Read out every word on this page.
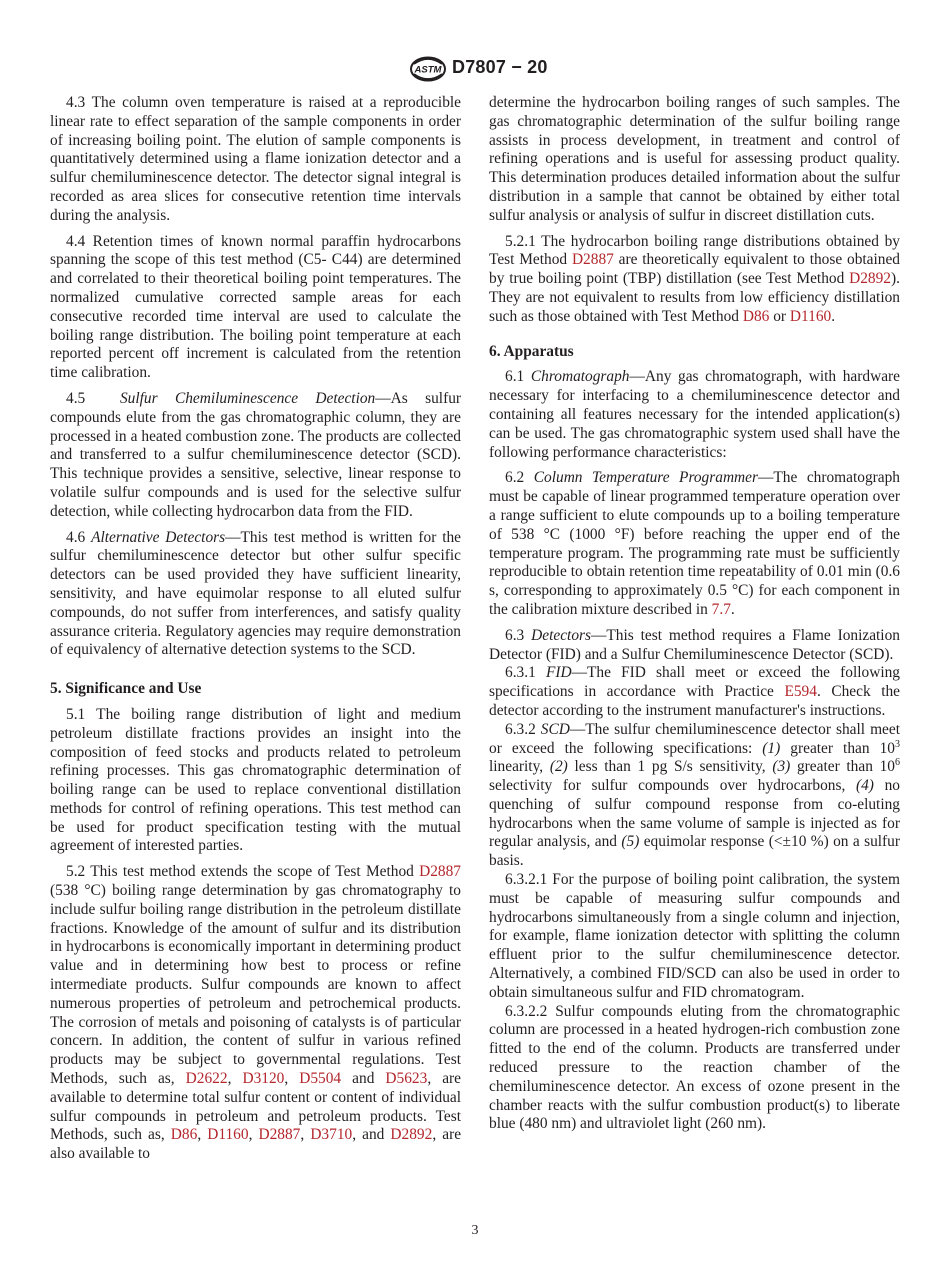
ASTM D7807 − 20

4.3 The column oven temperature is raised at a reproducible linear rate to effect separation of the sample components in order of increasing boiling point. The elution of sample components is quantitatively determined using a flame ionization detector and a sulfur chemiluminescence detector. The detector signal integral is recorded as area slices for consecutive retention time intervals during the analysis.

4.4 Retention times of known normal paraffin hydrocarbons spanning the scope of this test method (C5- C44) are determined and correlated to their theoretical boiling point temperatures. The normalized cumulative corrected sample areas for each consecutive recorded time interval are used to calculate the boiling range distribution. The boiling point temperature at each reported percent off increment is calculated from the retention time calibration.

4.5 Sulfur Chemiluminescence Detection—As sulfur compounds elute from the gas chromatographic column, they are processed in a heated combustion zone. The products are collected and transferred to a sulfur chemiluminescence detector (SCD). This technique provides a sensitive, selective, linear response to volatile sulfur compounds and is used for the selective sulfur detection, while collecting hydrocarbon data from the FID.

4.6 Alternative Detectors—This test method is written for the sulfur chemiluminescence detector but other sulfur specific detectors can be used provided they have sufficient linearity, sensitivity, and have equimolar response to all eluted sulfur compounds, do not suffer from interferences, and satisfy quality assurance criteria. Regulatory agencies may require demonstration of equivalency of alternative detection systems to the SCD.

5. Significance and Use

5.1 The boiling range distribution of light and medium petroleum distillate fractions provides an insight into the composition of feed stocks and products related to petroleum refining processes. This gas chromatographic determination of boiling range can be used to replace conventional distillation methods for control of refining operations. This test method can be used for product specification testing with the mutual agreement of interested parties.

5.2 This test method extends the scope of Test Method D2887 (538 °C) boiling range determination by gas chromatography to include sulfur boiling range distribution in the petroleum distillate fractions. Knowledge of the amount of sulfur and its distribution in hydrocarbons is economically important in determining product value and in determining how best to process or refine intermediate products. Sulfur compounds are known to affect numerous properties of petroleum and petrochemical products. The corrosion of metals and poisoning of catalysts is of particular concern. In addition, the content of sulfur in various refined products may be subject to governmental regulations. Test Methods, such as, D2622, D3120, D5504 and D5623, are available to determine total sulfur content or content of individual sulfur compounds in petroleum and petroleum products. Test Methods, such as, D86, D1160, D2887, D3710, and D2892, are also available to

determine the hydrocarbon boiling ranges of such samples. The gas chromatographic determination of the sulfur boiling range assists in process development, in treatment and control of refining operations and is useful for assessing product quality. This determination produces detailed information about the sulfur distribution in a sample that cannot be obtained by either total sulfur analysis or analysis of sulfur in discreet distillation cuts.

5.2.1 The hydrocarbon boiling range distributions obtained by Test Method D2887 are theoretically equivalent to those obtained by true boiling point (TBP) distillation (see Test Method D2892). They are not equivalent to results from low efficiency distillation such as those obtained with Test Method D86 or D1160.

6. Apparatus

6.1 Chromatograph—Any gas chromatograph, with hardware necessary for interfacing to a chemiluminescence detector and containing all features necessary for the intended application(s) can be used. The gas chromatographic system used shall have the following performance characteristics:

6.2 Column Temperature Programmer—The chromatograph must be capable of linear programmed temperature operation over a range sufficient to elute compounds up to a boiling temperature of 538 °C (1000 °F) before reaching the upper end of the temperature program. The programming rate must be sufficiently reproducible to obtain retention time repeatability of 0.01 min (0.6 s, corresponding to approximately 0.5 °C) for each component in the calibration mixture described in 7.7.

6.3 Detectors—This test method requires a Flame Ionization Detector (FID) and a Sulfur Chemiluminescence Detector (SCD).

6.3.1 FID—The FID shall meet or exceed the following specifications in accordance with Practice E594. Check the detector according to the instrument manufacturer's instructions.

6.3.2 SCD—The sulfur chemiluminescence detector shall meet or exceed the following specifications: (1) greater than $10^3$ linearity, (2) less than 1 pg S/s sensitivity, (3) greater than $10^6$ selectivity for sulfur compounds over hydrocarbons, (4) no quenching of sulfur compound response from co-eluting hydrocarbons when the same volume of sample is injected as for regular analysis, and (5) equimolar response (<±10 %) on a sulfur basis.

6.3.2.1 For the purpose of boiling point calibration, the system must be capable of measuring sulfur compounds and hydrocarbons simultaneously from a single column and injection, for example, flame ionization detector with splitting the column effluent prior to the sulfur chemiluminescence detector. Alternatively, a combined FID/SCD can also be used in order to obtain simultaneous sulfur and FID chromatogram.

6.3.2.2 Sulfur compounds eluting from the chromatographic column are processed in a heated hydrogen-rich combustion zone fitted to the end of the column. Products are transferred under reduced pressure to the reaction chamber of the chemiluminescence detector. An excess of ozone present in the chamber reacts with the sulfur combustion product(s) to liberate blue (480 nm) and ultraviolet light (260 nm).

3
